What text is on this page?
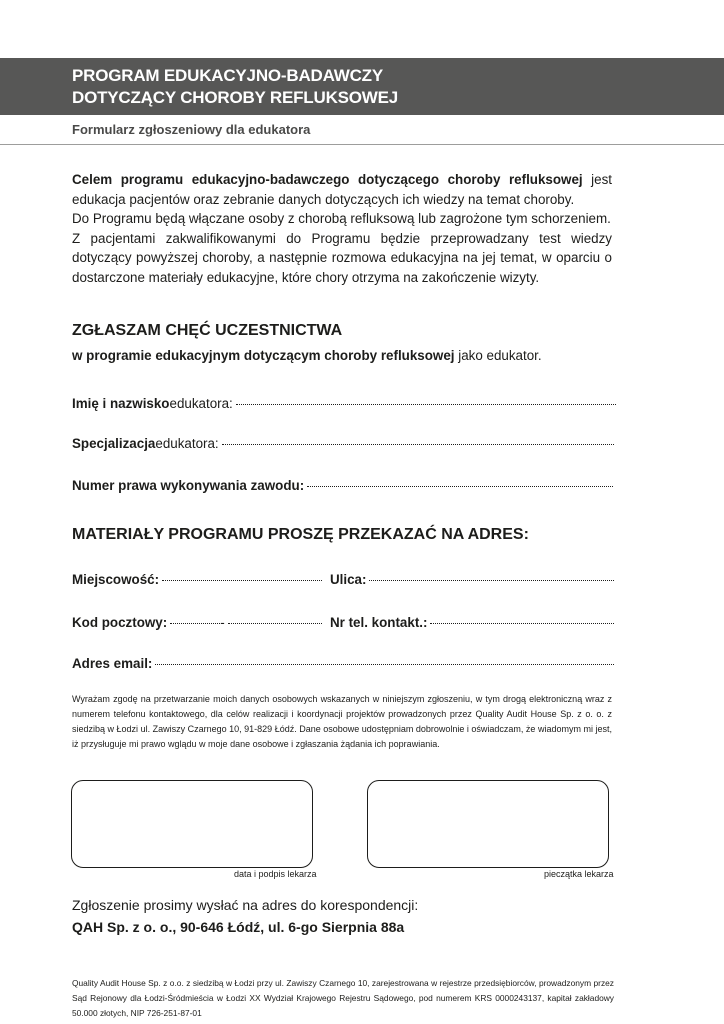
PROGRAM EDUKACYJNO-BADAWCZY
DOTYCZĄCY CHOROBY REFLUKSOWEJ
Formularz zgłoszeniowy dla edukatora

Celem programu edukacyjno-badawczego dotyczącego choroby refluksowej jest edukacja pacjentów oraz zebranie danych dotyczących ich wiedzy na temat choroby.

Do Programu będą włączane osoby z chorobą refluksową lub zagrożone tym schorzeniem.

Z pacjentami zakwalifikowanymi do Programu będzie przeprowadzany test wiedzy dotyczący powyższej choroby, a następnie rozmowa edukacyjna na jej temat, w oparciu o dostarczone materiały edukacyjne, które chory otrzyma na zakończenie wizyty.

ZGŁASZAM CHĘĆ UCZESTNICTWA
w programie edukacyjnym dotyczącym choroby refluksowej jako edukator.
Imię i nazwisko edukatora:
Specjalizacja edukatora:
Numer prawa wykonywania zawodu:
MATERIAŁY PROGRAMU PROSZĘ PRZEKAZAĆ NA ADRES:
Miejscowość:	Ulica:
Kod pocztowy:	-	Nr tel. kontakt.:
Adres email:
Wyrażam zgodę na przetwarzanie moich danych osobowych wskazanych w niniejszym zgłoszeniu, w tym drogą elektroniczną wraz z numerem telefonu kontaktowego, dla celów realizacji i koordynacji projektów prowadzonych przez Quality Audit House Sp. z o. o. z siedzibą w Łodzi ul. Zawiszy Czarnego 10, 91-829 Łódź. Dane osobowe udostępniam dobrowolnie i oświadczam, że wiadomym mi jest, iż przysługuje mi prawo wglądu w moje dane osobowe i zgłaszania żądania ich poprawiania.
data i podpis lekarza	pieczątka lekarza
Zgłoszenie prosimy wysłać na adres do korespondencji:
QAH Sp. z o. o., 90-646 Łódź, ul. 6-go Sierpnia 88a
Quality Audit House Sp. z o.o. z siedzibą w Łodzi przy ul. Zawiszy Czarnego 10, zarejestrowana w rejestrze przedsiębiorców, prowadzonym przez Sąd Rejonowy dla Łodzi-Śródmieścia w Łodzi XX Wydział Krajowego Rejestru Sądowego, pod numerem KRS 0000243137, kapitał zakładowy 50.000 złotych, NIP 726-251-87-01
